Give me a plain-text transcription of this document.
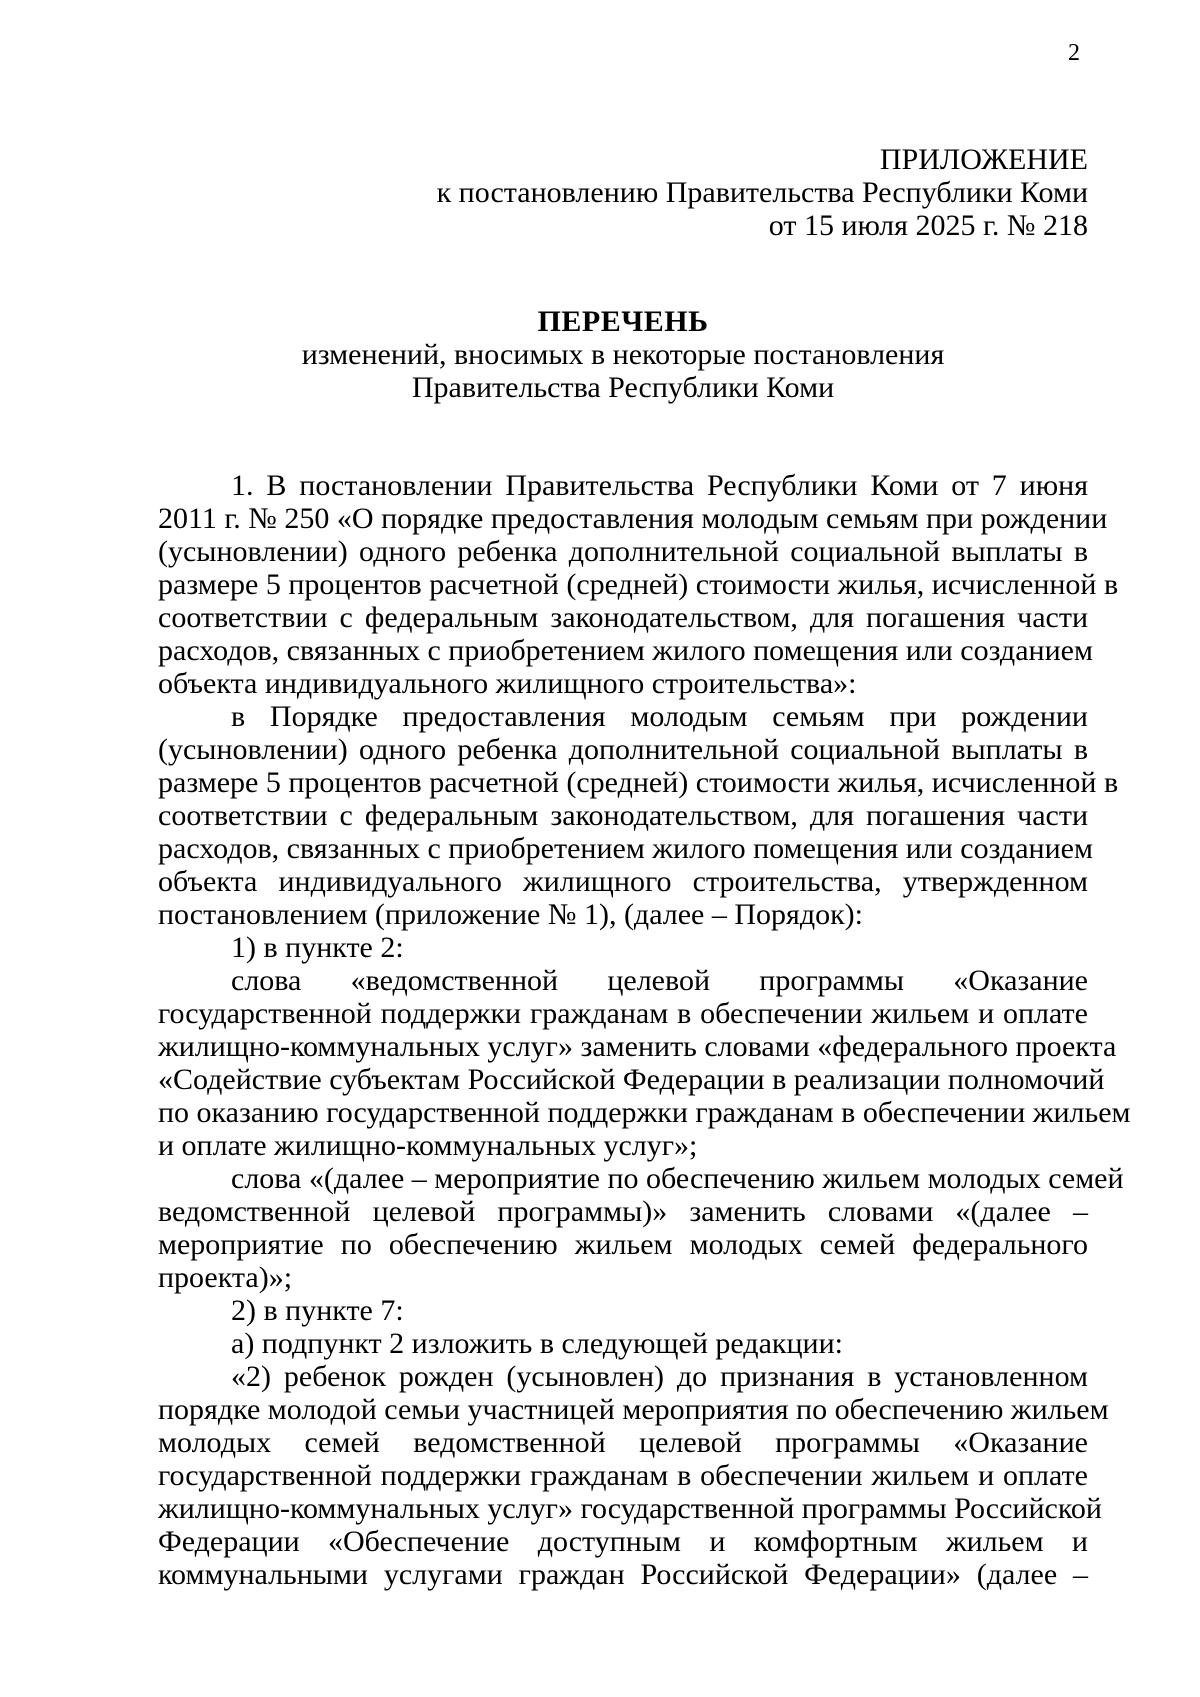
2
ПРИЛОЖЕНИЕ
к постановлению Правительства Республики Коми
от 15 июля 2025 г. № 218
ПЕРЕЧЕНЬ
изменений, вносимых в некоторые постановления
Правительства Республики Коми
1. В постановлении Правительства Республики Коми от 7 июня
2011 г. № 250 «О порядке предоставления молодым семьям при рождении
(усыновлении) одного ребенка дополнительной социальной выплаты в
размере 5 процентов расчетной (средней) стоимости жилья, исчисленной в
соответствии с федеральным законодательством, для погашения части
расходов, связанных с приобретением жилого помещения или созданием
объекта индивидуального жилищного строительства»:
в Порядке предоставления молодым семьям при рождении
(усыновлении) одного ребенка дополнительной социальной выплаты в
размере 5 процентов расчетной (средней) стоимости жилья, исчисленной в
соответствии с федеральным законодательством, для погашения части
расходов, связанных с приобретением жилого помещения или созданием
объекта индивидуального жилищного строительства, утвержденном
постановлением (приложение № 1), (далее – Порядок):
1) в пункте 2:
слова «ведомственной целевой программы «Оказание
государственной поддержки гражданам в обеспечении жильем и оплате
жилищно-коммунальных услуг» заменить словами «федерального проекта
«Содействие субъектам Российской Федерации в реализации полномочий
по оказанию государственной поддержки гражданам в обеспечении жильем
и оплате жилищно-коммунальных услуг»;
слова «(далее – мероприятие по обеспечению жильем молодых семей
ведомственной целевой программы)» заменить словами «(далее –
мероприятие по обеспечению жильем молодых семей федерального
проекта)»;
2) в пункте 7:
а) подпункт 2 изложить в следующей редакции:
«2) ребенок рожден (усыновлен) до признания в установленном
порядке молодой семьи участницей мероприятия по обеспечению жильем
молодых семей ведомственной целевой программы «Оказание
государственной поддержки гражданам в обеспечении жильем и оплате
жилищно-коммунальных услуг» государственной программы Российской
Федерации «Обеспечение доступным и комфортным жильем и
коммунальными услугами граждан Российской Федерации» (далее –
